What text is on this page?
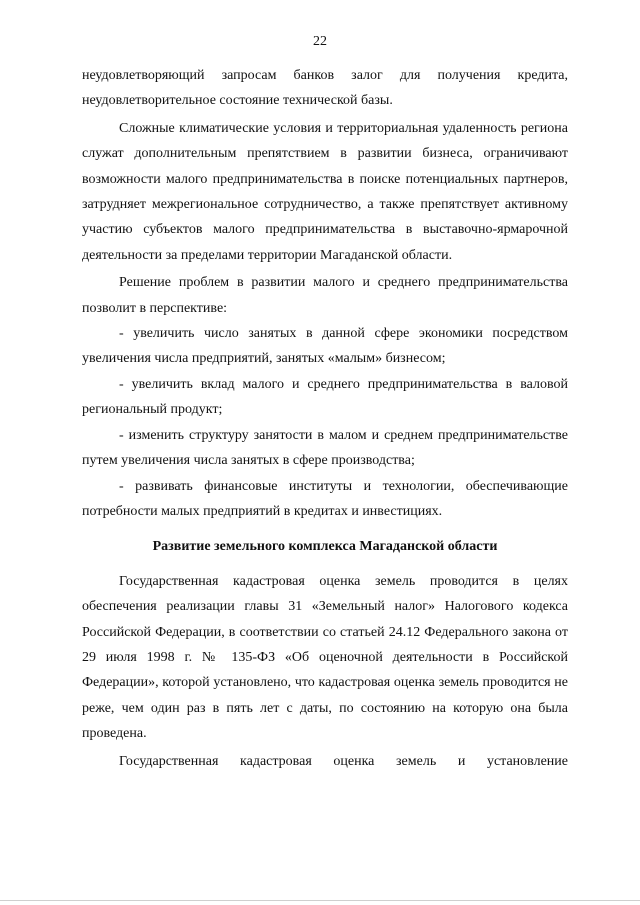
22

неудовлетворяющий запросам банков залог для получения кредита, неудовлетворительное состояние технической базы.

Сложные климатические условия и территориальная удаленность региона служат дополнительным препятствием в развитии бизнеса, ограничивают возможности малого предпринимательства в поиске потенциальных партнеров, затрудняет межрегиональное сотрудничество, а также препятствует активному участию субъектов малого предпринимательства в выставочно-ярмарочной деятельности за пределами территории Магаданской области.

Решение проблем в развитии малого и среднего предпринимательства позволит в перспективе:

- увеличить число занятых в данной сфере экономики посредством увеличения числа предприятий, занятых «малым» бизнесом;

- увеличить вклад малого и среднего предпринимательства в валовой региональный продукт;

- изменить структуру занятости в малом и среднем предпринимательстве путем увеличения числа занятых в сфере производства;

- развивать финансовые институты и технологии, обеспечивающие потребности малых предприятий в кредитах и инвестициях.

Развитие земельного комплекса Магаданской области

Государственная кадастровая оценка земель проводится в целях обеспечения реализации главы 31 «Земельный налог» Налогового кодекса Российской Федерации, в соответствии со статьей 24.12 Федерального закона от 29 июля 1998 г. № 135-ФЗ «Об оценочной деятельности в Российской Федерации», которой установлено, что кадастровая оценка земель проводится не реже, чем один раз в пять лет с даты, по состоянию на которую она была проведена.

Государственная кадастровая оценка земель и установление
